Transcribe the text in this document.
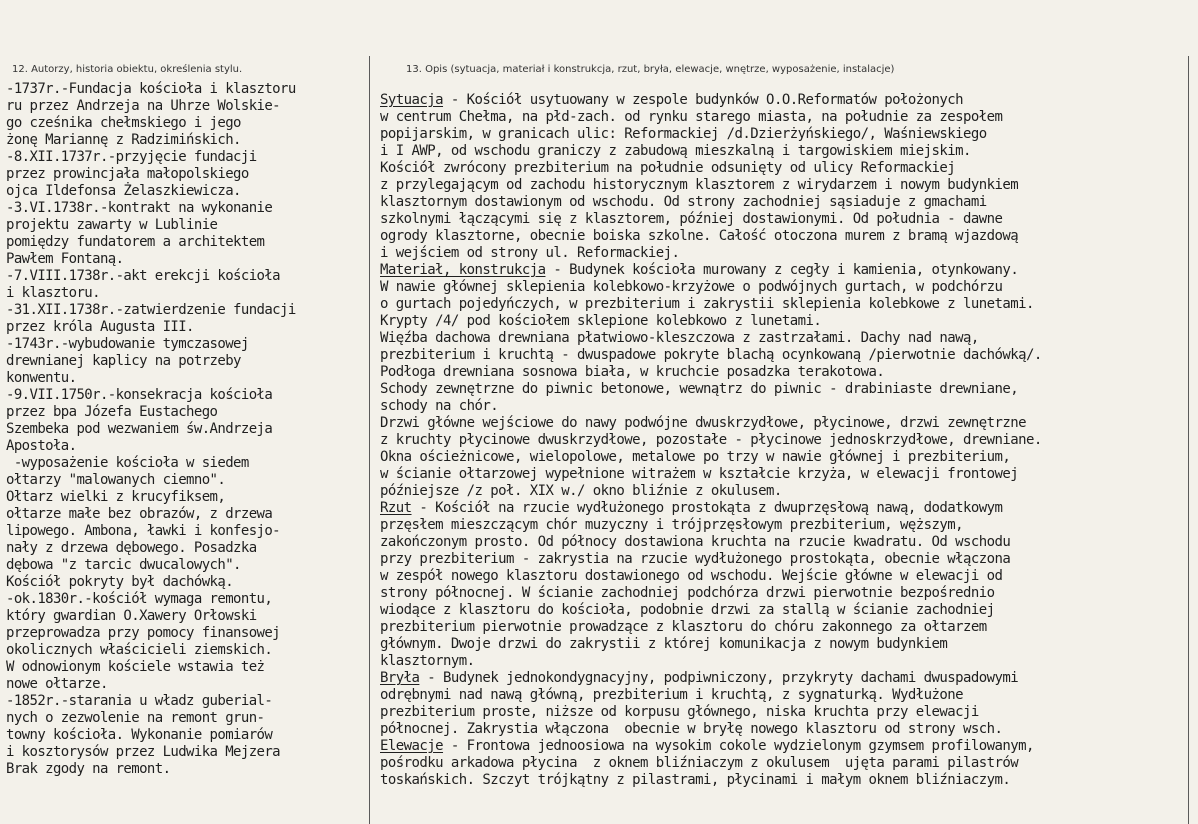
12. Autorzy, historia obiektu, określenia stylu.	13. Opis (sytuacja, materiał i konstrukcja, rzut, bryła, elewacje, wnętrze, wyposażenie, instalacje)
-1737r.-Fundacja kościoła i klasztoru
ru przez Andrzeja na Uhrze Wolskie-
go cześnika chełmskiego i jego
żonę Mariannę z Radzimińskich.
-8.XII.1737r.-przyjęcie fundacji
przez prowincjała małopolskiego
ojca Ildefonsa Żelaszkiewicza.
-3.VI.1738r.-kontrakt na wykonanie
projektu zawarty w Lublinie
pomiędzy fundatorem a architektem
Pawłem Fontaną.
-7.VIII.1738r.-akt erekcji kościoła
i klasztoru.
-31.XII.1738r.-zatwierdzenie fundacji
przez króla Augusta III.
-1743r.-wybudowanie tymczasowej
drewnianej kaplicy na potrzeby
konwentu.
-9.VII.1750r.-konsekracja kościoła
przez bpa Józefa Eustachego
Szembeka pod wezwaniem św.Andrzeja
Apostoła.
-wyposażenie kościoła w siedem
ołtarzy "malowanych ciemno".
Ołtarz wielki z krucyfiksem,
ołtarze małe bez obrazów, z drzewa
lipowego. Ambona, ławki i konfesjo-
nały z drzewa dębowego. Posadzka
dębowa "z tarcic dwucalowych".
Kościół pokryty był dachówką.
-ok.1830r.-kościół wymaga remontu,
który gwardian O.Xawery Orłowski
przeprowadza przy pomocy finansowej
okolicznych właścicieli ziemskich.
W odnowionym kościele wstawia też
nowe ołtarze.
-1852r.-starania u władz guberial-
nych o zezwolenie na remont grun-
towny kościoła. Wykonanie pomiarów
i kosztorysów przez Ludwika Mejzera
Brak zgody na remont.
Sytuacja - Kościół usytuowany w zespole budynków O.O.Reformatów położonych
w centrum Chełma, na płd-zach. od rynku starego miasta, na południe za zespołem
popijarskim, w granicach ulic: Reformackiej /d.Dzierżyńskiego/, Waśniewskiego
i I AWP, od wschodu graniczy z zabudową mieszkalną i targowiskiem miejskim.
Kościół zwrócony prezbiterium na południe odsunięty od ulicy Reformackiej
z przylegającym od zachodu historycznym klasztorem z wirydarzem i nowym budynkiem
klasztornym dostawionym od wschodu. Od strony zachodniej sąsiaduje z gmachami
szkolnymi łączącymi się z klasztorem, później dostawionymi. Od południa - dawne
ogrody klasztorne, obecnie boiska szkolne. Całość otoczona murem z bramą wjazdową
i wejściem od strony ul. Reformackiej.
Materiał, konstrukcja - Budynek kościoła murowany z cegły i kamienia, otynkowany.
W nawie głównej sklepienia kolebkowo-krzyżowe o podwójnych gurtach, w podchórzu
o gurtach pojedyńczych, w prezbiterium i zakrystii sklepienia kolebkowe z lunetami.
Krypty /4/ pod kościołem sklepione kolebkowo z lunetami.
Więźba dachowa drewniana płatwiowo-kleszczowa z zastrzałami. Dachy nad nawą,
prezbiterium i kruchtą - dwuspadowe pokryte blachą ocynkowaną /pierwotnie dachówką/.
Podłoga drewniana sosnowa biała, w kruchcie posadzka terakotowa.
Schody zewnętrzne do piwnic betonowe, wewnątrz do piwnic - drabiniaste drewniane,
schody na chór.
Drzwi główne wejściowe do nawy podwójne dwuskrzydłowe, płycinowe, drzwi zewnętrzne
z kruchty płycinowe dwuskrzydłowe, pozostałe - płycinowe jednoskrzydłowe, drewniane.
Okna ościeżnicowe, wielopolowe, metalowe po trzy w nawie głównej i prezbiterium,
w ścianie ołtarzowej wypełnione witrażem w kształcie krzyża, w elewacji frontowej
późniejsze /z poł. XIX w./ okno bliźnie z okulusem.
Rzut - Kościół na rzucie wydłużonego prostokąta z dwuprzęsłową nawą, dodatkowym
przęsłem mieszczącym chór muzyczny i trójprzęsłowym prezbiterium, węższym,
zakończonym prosto. Od północy dostawiona kruchta na rzucie kwadratu. Od wschodu
przy prezbiterium - zakrystia na rzucie wydłużonego prostokąta, obecnie włączona
w zespół nowego klasztoru dostawionego od wschodu. Wejście główne w elewacji od
strony północnej. W ścianie zachodniej podchórza drzwi pierwotnie bezpośrednio
wiodące z klasztoru do kościoła, podobnie drzwi za stallą w ścianie zachodniej
prezbiterium pierwotnie prowadzące z klasztoru do chóru zakonnego za ołtarzem
głównym. Dwoje drzwi do zakrystii z której komunikacja z nowym budynkiem
klasztornym.
Bryła - Budynek jednokondygnacyjny, podpiwniczony, przykryty dachami dwuspadowymi
odrębnymi nad nawą główną, prezbiterium i kruchtą, z sygnaturką. Wydłużone
prezbiterium proste, niższe od korpusu głównego, niska kruchta przy elewacji
północnej. Zakrystia włączona  obecnie w bryłę nowego klasztoru od strony wsch.
Elewacje - Frontowa jednoosiowa na wysokim cokole wydzielonym gzymsem profilowanym,
pośrodku arkadowa płycina  z oknem bliźniaczym z okulusem  ujęta parami pilastrów
toskańskich. Szczyt trójkątny z pilastrami, płycinami i małym oknem bliźniaczym.
